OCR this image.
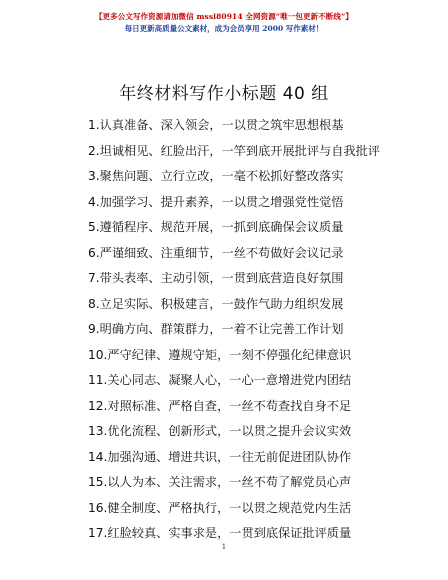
【更多公文写作资源请加微信 mssl80914 全网资源“唯一包更新不断线”】
每日更新高质量公文素材，成为会员享用 2000 写作素材！
年终材料写作小标题 40 组
1.认真准备、深入领会，一以贯之筑牢思想根基
2.坦诚相见、红脸出汗，一竿到底开展批评与自我批评
3.聚焦问题、立行立改，一毫不松抓好整改落实
4.加强学习、提升素养，一以贯之增强党性觉悟
5.遵循程序、规范开展，一抓到底确保会议质量
6.严谨细致、注重细节，一丝不苟做好会议记录
7.带头表率、主动引领，一贯到底营造良好氛围
8.立足实际、积极建言，一鼓作气助力组织发展
9.明确方向、群策群力，一着不让完善工作计划
10.严守纪律、遵规守矩，一刻不停强化纪律意识
11.关心同志、凝聚人心，一心一意增进党内团结
12.对照标准、严格自查，一丝不苟查找自身不足
13.优化流程、创新形式，一以贯之提升会议实效
14.加强沟通、增进共识，一往无前促进团队协作
15.以人为本、关注需求，一丝不苟了解党员心声
16.健全制度、严格执行，一以贯之规范党内生活
17.红脸较真、实事求是，一贯到底保证批评质量
1
